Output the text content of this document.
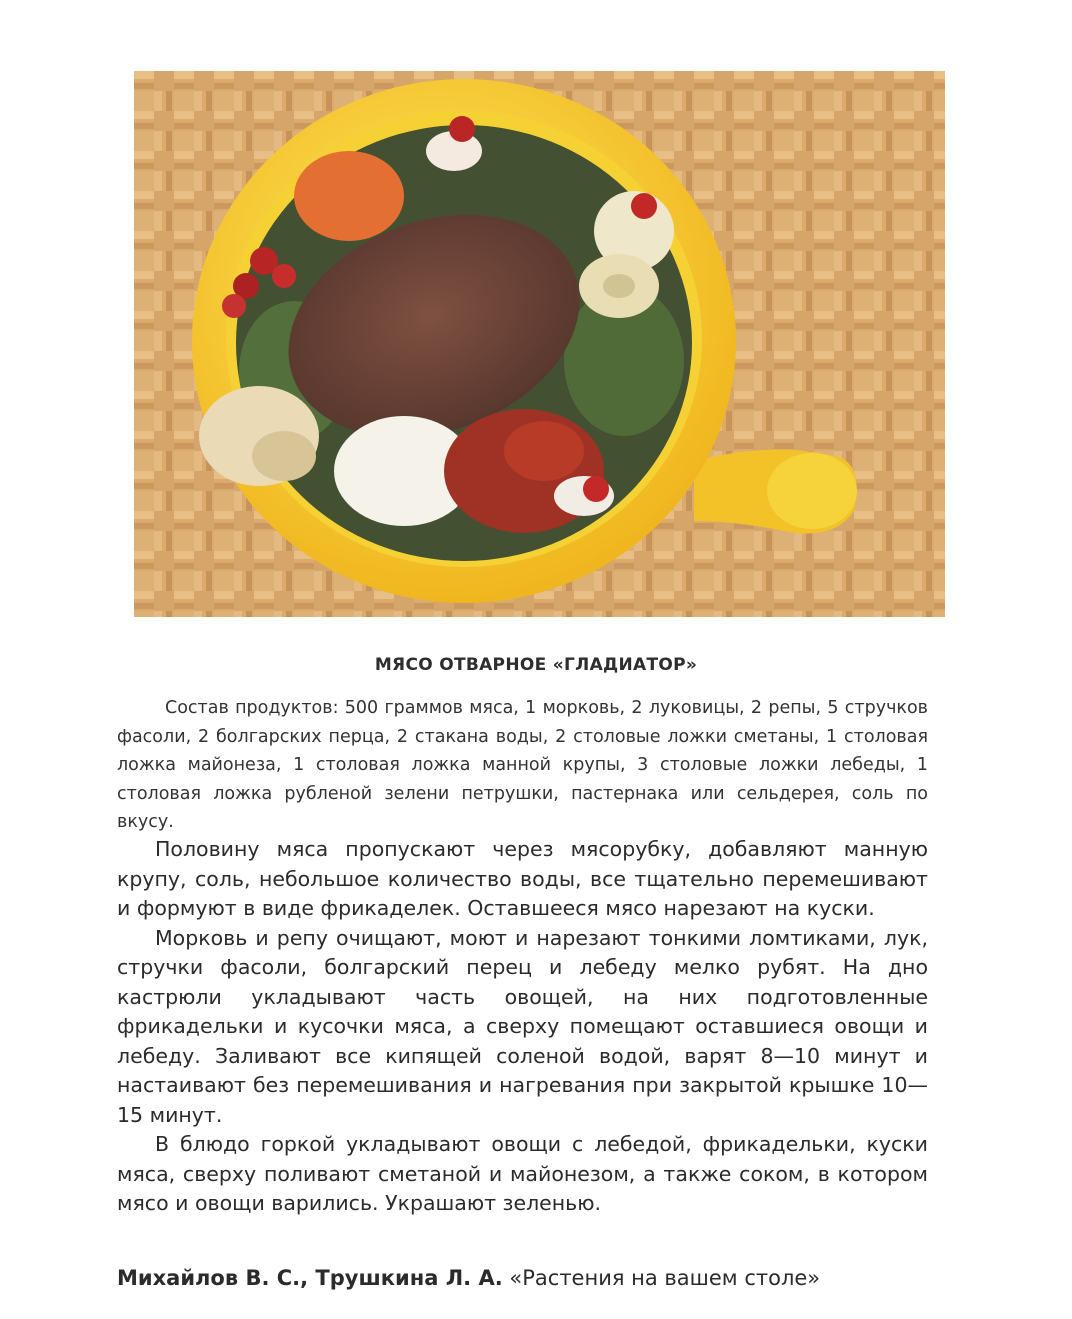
МЯСО ОТВАРНОЕ «ГЛАДИАТОР»
Состав продуктов: 500 граммов мяса, 1 морковь, 2 луковицы, 2 репы, 5 стручков фасоли, 2 болгарских перца, 2 стакана воды, 2 столовые ложки сметаны, 1 столовая ложка майонеза, 1 столовая ложка манной крупы, 3 столовые ложки лебеды, 1 столовая ложка рубленой зелени петрушки, пастернака или сельдерея, соль по вкусу.

Половину мяса пропускают через мясорубку, добавляют манную крупу, соль, небольшое количество воды, все тщательно перемешивают и формуют в виде фрикаделек. Оставшееся мясо нарезают на куски.

Морковь и репу очищают, моют и нарезают тонкими ломтиками, лук, стручки фасоли, болгарский перец и лебеду мелко рубят. На дно кастрюли укладывают часть овощей, на них подготовленные фрикадельки и кусочки мяса, а сверху помещают оставшиеся овощи и лебеду. Заливают все кипящей соленой водой, варят 8—10 минут и настаивают без перемешивания и нагревания при закрытой крышке 10—15 минут.

В блюдо горкой укладывают овощи с лебедой, фрикадельки, куски мяса, сверху поливают сметаной и майонезом, а также соком, в котором мясо и овощи варились. Украшают зеленью.

Михайлов В. С., Трушкина Л. А. «Растения на вашем столе»
